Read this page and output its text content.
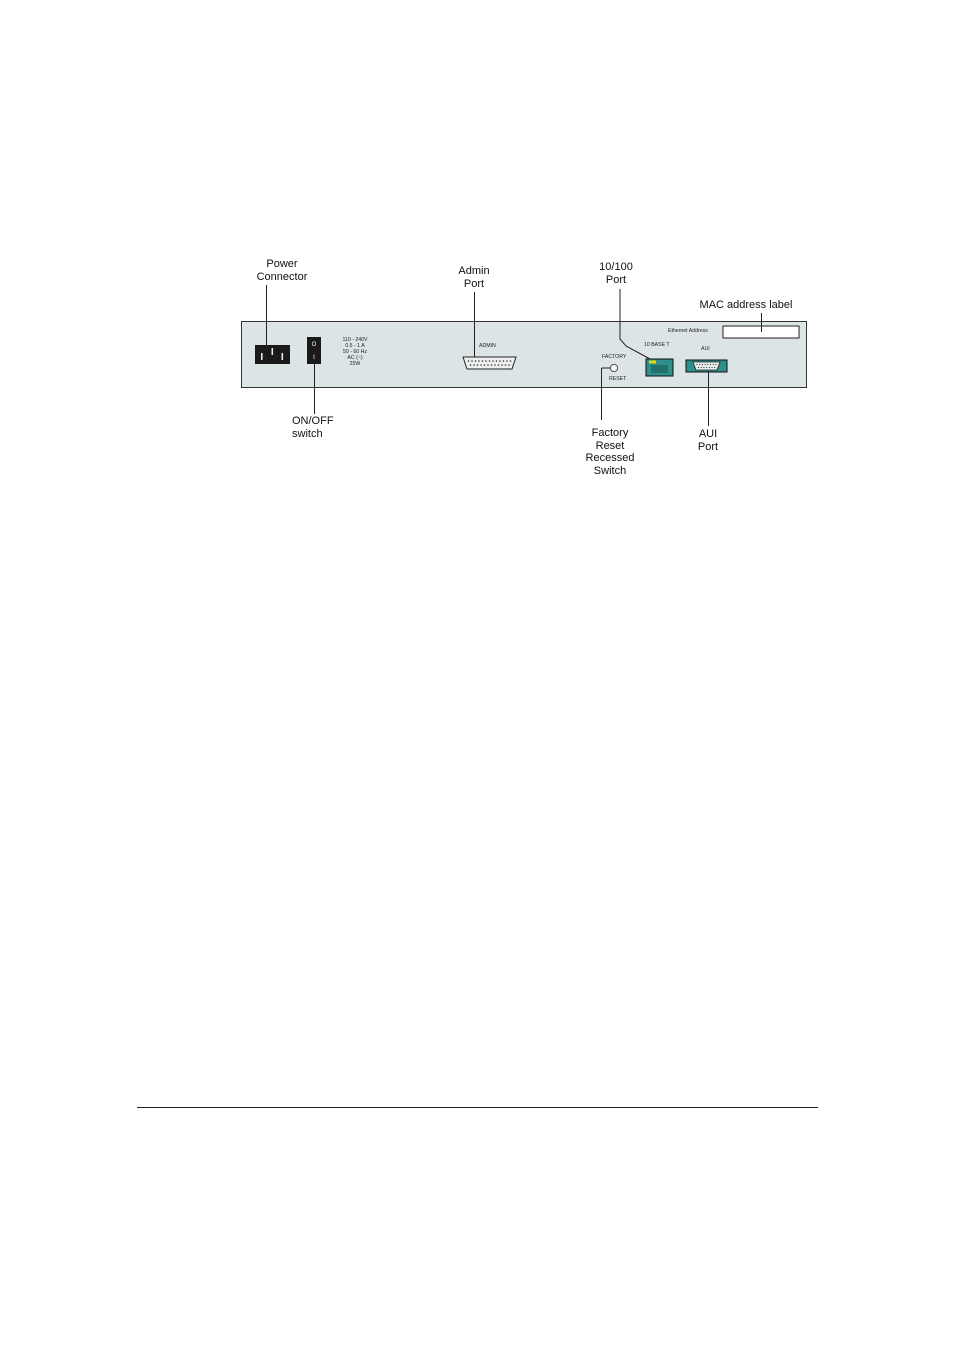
Power
Connector	Admin
Port
10/100
Port
MAC address label
ON/OFF
switch	Factory
Reset
Recessed
Switch
AUI
Port
O
I
110 - 240V
0.5 - 1 A
50 - 60 Hz
AC (~)
25W
ADMIN
FACTORY
RESET
10 BASE T
AUI
Ethernet Address
